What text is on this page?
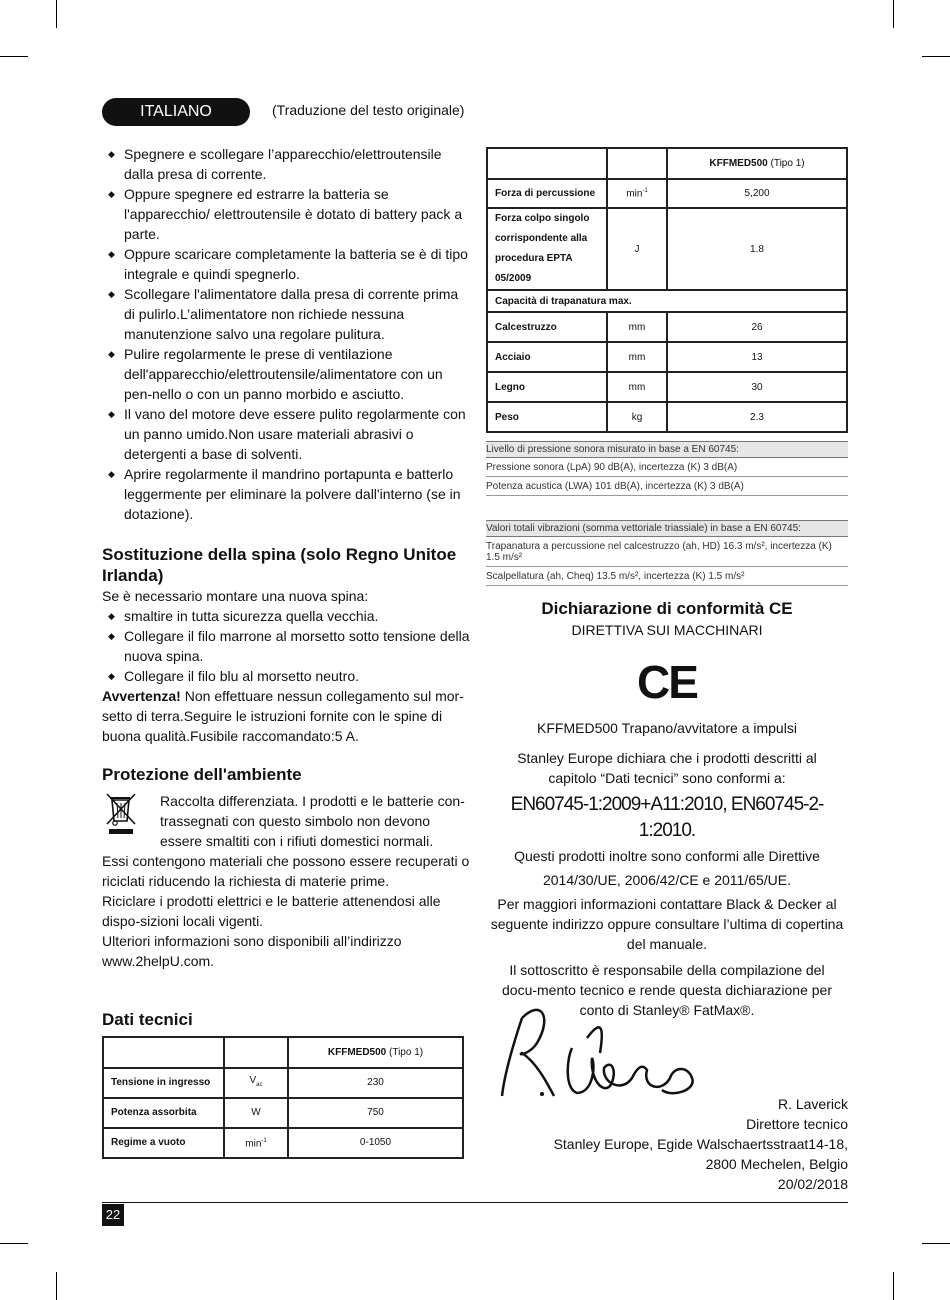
ITALIANO	(Traduzione del testo originale)
◆ Spegnere e scollegare l’apparecchio/elettroutensile dalla presa di corrente.
◆ Oppure spegnere ed estrarre la batteria se l'apparecchio/ elettroutensile è dotato di battery pack a parte.
◆ Oppure scaricare completamente la batteria se è di tipo integrale e quindi spegnerlo.
◆ Scollegare l'alimentatore dalla presa di corrente prima di pulirlo.L’alimentatore non richiede nessuna manutenzione salvo una regolare pulitura.
◆ Pulire regolarmente le prese di ventilazione dell'apparecchio/elettroutensile/alimentatore con un pen-nello o con un panno morbido e asciutto.
◆ Il vano del motore deve essere pulito regolarmente con un panno umido.Non usare materiali abrasivi o detergenti a base di solventi.
◆ Aprire regolarmente il mandrino portapunta e batterlo leggermente per eliminare la polvere dall'interno (se in dotazione).
Sostituzione della spina (solo Regno Unitoe Irlanda)

Se è necessario montare una nuova spina:

◆ smaltire in tutta sicurezza quella vecchia.
◆ Collegare il filo marrone al morsetto sotto tensione della nuova spina.
◆ Collegare il filo blu al morsetto neutro.

Avvertenza! Non effettuare nessun collegamento sul mor-setto di terra.Seguire le istruzioni fornite con le spine di buona qualità.Fusibile raccomandato:5 A.

Protezione dell'ambiente
Raccolta differenziata. I prodotti e le batterie con-trassegnati con questo simbolo non devono essere smaltiti con i rifiuti domestici normali.

Essi contengono materiali che possono essere recuperati o riciclati riducendo la richiesta di materie prime.

Riciclare i prodotti elettrici e le batterie attenendosi alle dispo-sizioni locali vigenti.

Ulteriori informazioni sono disponibili all’indirizzo www.2helpU.com.

Dati tecnici
		KFFMED500 (Tipo 1)
Tensione in ingresso	$V_{ac}$	230
Potenza assorbita	W	750
Regime a vuoto	$\min^{-1}$	0-1050
		KFFMED500 (Tipo 1)
Forza di percussione	$\min^{-1}$	5,200
Forza colpo singolo corrispondente alla procedura EPTA 05/2009	J	1.8
Capacità di trapanatura max.		
Calcestruzzo	mm	26
Acciaio	mm	13
Legno	mm	30
Peso	kg	2.3
Livello di pressione sonora misurato in base a EN 60745:
Pressione sonora (LpA) 90 dB(A), incertezza (K) 3 dB(A)
Potenza acustica (LWA) 101 dB(A), incertezza (K) 3 dB(A)
Valori totali vibrazioni (somma vettoriale triassiale) in base a EN 60745:
Trapanatura a percussione nel calcestruzzo (ah, HD) 16.3 m/s², incertezza (K) 1.5 m/s²
Scalpellatura (ah, Cheq) 13.5 m/s², incertezza (K) 1.5 m/s²
Dichiarazione di conformità CE
DIRETTIVA SUI MACCHINARI
CE
KFFMED500 Trapano/avvitatore a impulsi
Stanley Europe dichiara che i prodotti descritti al capitolo “Dati tecnici” sono conformi a:
EN60745-1:2009+A11:2010, EN60745-2-1:2010.
Questi prodotti inoltre sono conformi alle Direttive
2014/30/UE, 2006/42/CE e 2011/65/UE.
Per maggiori informazioni contattare Black & Decker al seguente indirizzo oppure consultare l’ultima di copertina del manuale.
Il sottoscritto è responsabile della compilazione del docu-mento tecnico e rende questa dichiarazione per conto di Stanley® FatMax®.
R. Laverick
Direttore tecnico
Stanley Europe, Egide Walschaertsstraat14-18,
2800 Mechelen, Belgio
20/02/2018
22
